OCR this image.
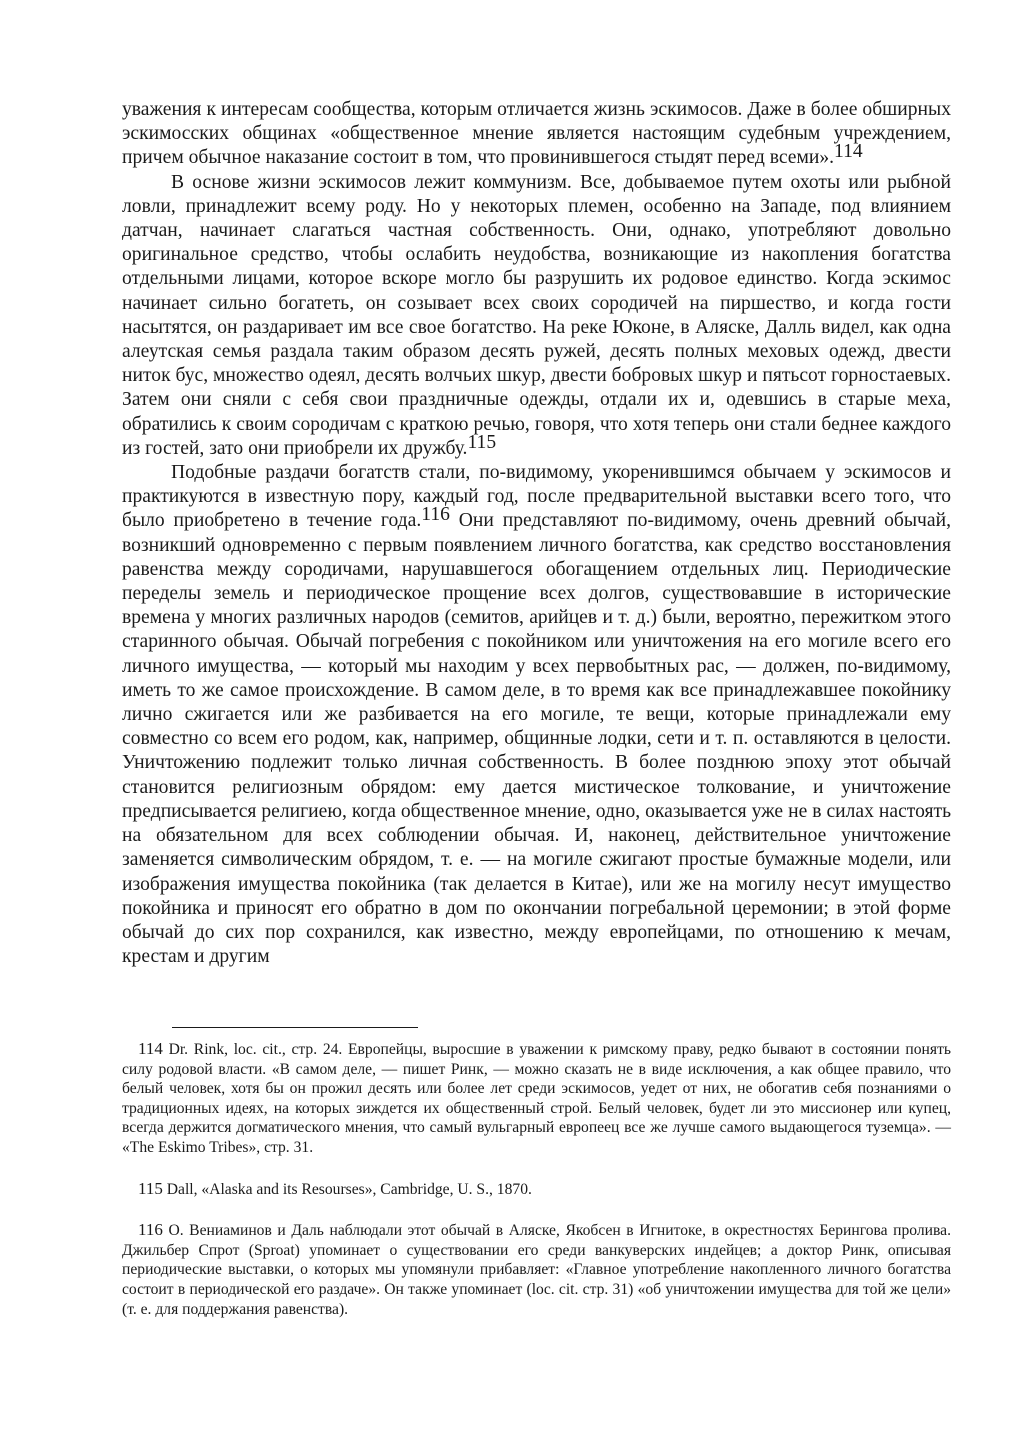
уважения к интересам сообщества, которым отличается жизнь эскимосов. Даже в более обширных эскимосских общинах «общественное мнение является настоящим судебным учреждением, причем обычное наказание состоит в том, что провинившегося стыдят перед всеми».114

В основе жизни эскимосов лежит коммунизм. Все, добываемое путем охоты или рыбной ловли, принадлежит всему роду. Но у некоторых племен, особенно на Западе, под влиянием датчан, начинает слагаться частная собственность. Они, однако, употребляют довольно оригинальное средство, чтобы ослабить неудобства, возникающие из накопления богатства отдельными лицами, которое вскоре могло бы разрушить их родовое единство. Когда эскимос начинает сильно богатеть, он созывает всех своих сородичей на пиршество, и когда гости насытятся, он раздаривает им все свое богатство. На реке Юконе, в Аляске, Далль видел, как одна алеутская семья раздала таким образом десять ружей, десять полных меховых одежд, двести ниток бус, множество одеял, десять волчьих шкур, двести бобровых шкур и пятьсот горностаевых. Затем они сняли с себя свои праздничные одежды, отдали их и, одевшись в старые меха, обратились к своим сородичам с краткою речью, говоря, что хотя теперь они стали беднее каждого из гостей, зато они приобрели их дружбу.115

Подобные раздачи богатств стали, по-видимому, укоренившимся обычаем у эскимосов и практикуются в известную пору, каждый год, после предварительной выставки всего того, что было приобретено в течение года.116 Они представляют по-видимому, очень древний обычай, возникший одновременно с первым появлением личного богатства, как средство восстановления равенства между сородичами, нарушавшегося обогащением отдельных лиц. Периодические переделы земель и периодическое прощение всех долгов, существовавшие в исторические времена у многих различных народов (семитов, арийцев и т. д.) были, вероятно, пережитком этого старинного обычая. Обычай погребения с покойником или уничтожения на его могиле всего его личного имущества, — который мы находим у всех первобытных рас, — должен, по-видимому, иметь то же самое происхождение. В самом деле, в то время как все принадлежавшее покойнику лично сжигается или же разбивается на его могиле, те вещи, которые принадлежали ему совместно со всем его родом, как, например, общинные лодки, сети и т. п. оставляются в целости. Уничтожению подлежит только личная собственность. В более позднюю эпоху этот обычай становится религиозным обрядом: ему дается мистическое толкование, и уничтожение предписывается религиею, когда общественное мнение, одно, оказывается уже не в силах настоять на обязательном для всех соблюдении обычая. И, наконец, действительное уничтожение заменяется символическим обрядом, т. е. — на могиле сжигают простые бумажные модели, или изображения имущества покойника (так делается в Китае), или же на могилу несут имущество покойника и приносят его обратно в дом по окончании погребальной церемонии; в этой форме обычай до сих пор сохранился, как известно, между европейцами, по отношению к мечам, крестам и другим

114 Dr. Rink, loc. cit., стр. 24. Европейцы, выросшие в уважении к римскому праву, редко бывают в состоянии понять силу родовой власти. «В самом деле, — пишет Ринк, — можно сказать не в виде исключения, а как общее правило, что белый человек, хотя бы он прожил десять или более лет среди эскимосов, уедет от них, не обогатив себя познаниями о традиционных идеях, на которых зиждется их общественный строй. Белый человек, будет ли это миссионер или купец, всегда держится догматического мнения, что самый вульгарный европеец все же лучше самого выдающегося туземца». — «The Eskimo Tribes», стр. 31.

115 Dall, «Alaska and its Resourses», Cambridge, U. S., 1870.

116 О. Вениаминов и Даль наблюдали этот обычай в Аляске, Якобсен в Игнитоке, в окрестностях Берингова пролива. Джильбер Спрот (Sproat) упоминает о существовании его среди ванкуверских индейцев; а доктор Ринк, описывая периодические выставки, о которых мы упомянули прибавляет: «Главное употребление накопленного личного богатства состоит в периодической его раздаче». Он также упоминает (loc. cit. стр. 31) «об уничтожении имущества для той же цели» (т. е. для поддержания равенства).
